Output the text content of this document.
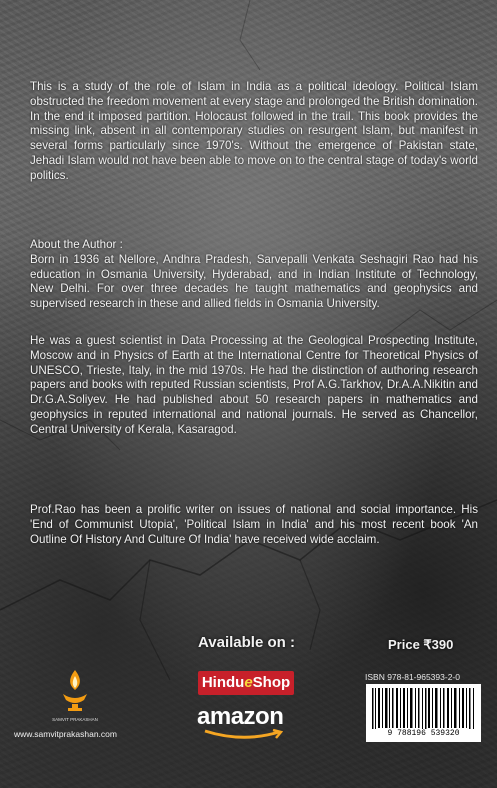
This is a study of the role of Islam in India as a political ideology. Political Islam obstructed the freedom movement at every stage and prolonged the British domination. In the end it imposed partition. Holocaust followed in the trail. This book provides the missing link, absent in all contemporary studies on resurgent Islam, but manifest in several forms particularly since 1970's. Without the emergence of Pakistan state, Jehadi Islam would not have been able to move on to the central stage of today's world politics.

About the Author :

Born in 1936 at Nellore, Andhra Pradesh, Sarvepalli Venkata Seshagiri Rao had his education in Osmania University, Hyderabad, and in Indian Institute of Technology, New Delhi. For over three decades he taught mathematics and geophysics and supervised research in these and allied fields in Osmania University.

He was a guest scientist in Data Processing at the Geological Prospecting Institute, Moscow and in Physics of Earth at the International Centre for Theoretical Physics of UNESCO, Trieste, Italy, in the mid 1970s. He had the distinction of authoring research papers and books with reputed Russian scientists, Prof A.G.Tarkhov, Dr.A.A.Nikitin and Dr.G.A.Soliyev. He had published about 50 research papers in mathematics and geophysics in reputed international and national journals. He served as Chancellor, Central University of Kerala, Kasaragod.

Prof.Rao has been a prolific writer on issues of national and social importance. His 'End of Communist Utopia', 'Political Islam in India' and his most recent book 'An Outline Of History And Culture Of India' have received wide acclaim.

Available on :	Price ₹390
HindueShop
amazon
ISBN 978-81-965393-2-0
9 788196 539320
SAMVIT PRAKASHAN
www.samvitprakashan.com
